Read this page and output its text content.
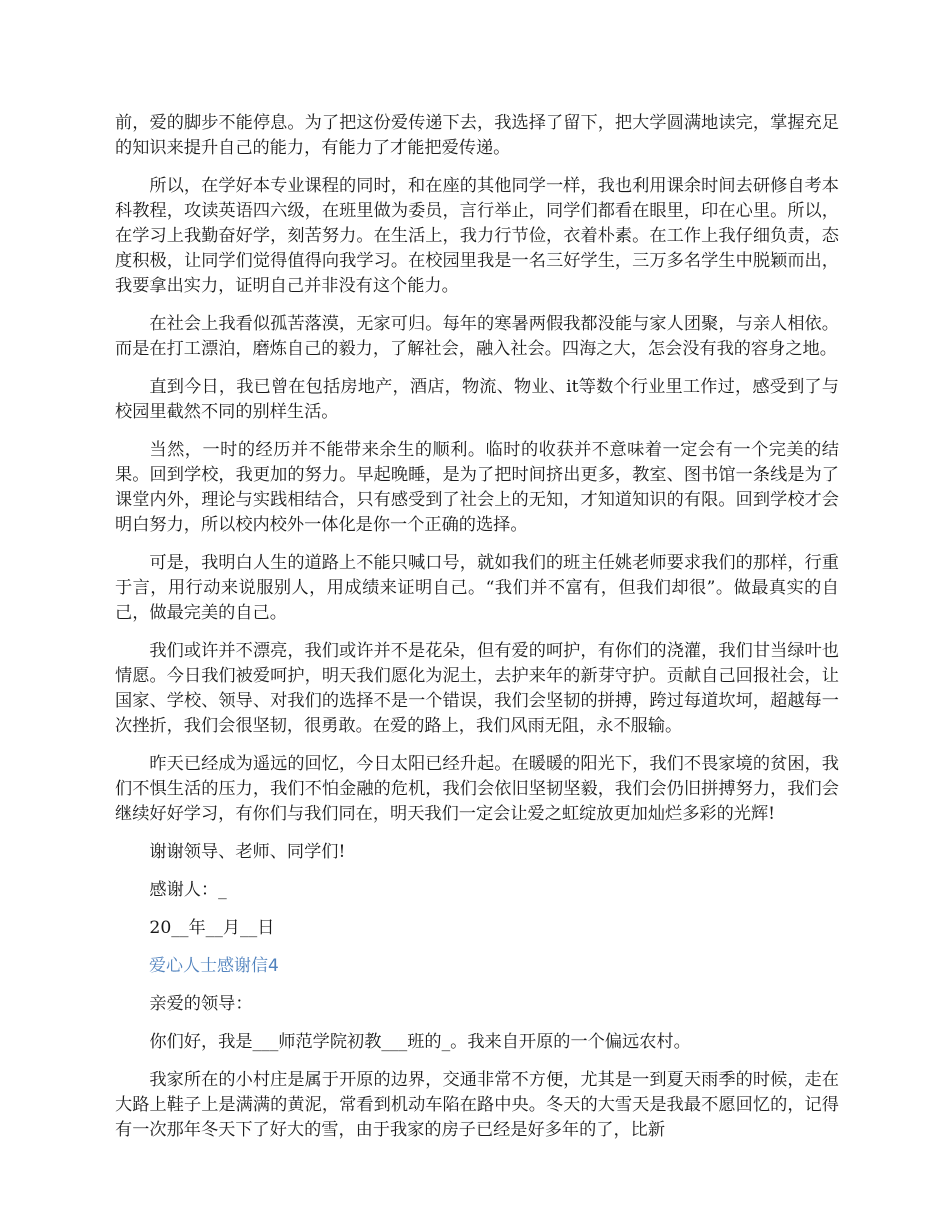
前，爱的脚步不能停息。为了把这份爱传递下去，我选择了留下，把大学圆满地读完，掌握充足的知识来提升自己的能力，有能力了才能把爱传递。

所以，在学好本专业课程的同时，和在座的其他同学一样，我也利用课余时间去研修自考本科教程，攻读英语四六级，在班里做为委员，言行举止，同学们都看在眼里，印在心里。所以，在学习上我勤奋好学，刻苦努力。在生活上，我力行节俭，衣着朴素。在工作上我仔细负责，态度积极，让同学们觉得值得向我学习。在校园里我是一名三好学生，三万多名学生中脱颖而出，我要拿出实力，证明自己并非没有这个能力。

在社会上我看似孤苦落漠，无家可归。每年的寒暑两假我都没能与家人团聚，与亲人相依。而是在打工漂泊，磨炼自己的毅力，了解社会，融入社会。四海之大，怎会没有我的容身之地。

直到今日，我已曾在包括房地产，酒店，物流、物业、it等数个行业里工作过，感受到了与校园里截然不同的别样生活。

当然，一时的经历并不能带来余生的顺利。临时的收获并不意味着一定会有一个完美的结果。回到学校，我更加的努力。早起晚睡，是为了把时间挤出更多，教室、图书馆一条线是为了课堂内外，理论与实践相结合，只有感受到了社会上的无知，才知道知识的有限。回到学校才会明白努力，所以校内校外一体化是你一个正确的选择。

可是，我明白人生的道路上不能只喊口号，就如我们的班主任姚老师要求我们的那样，行重于言，用行动来说服别人，用成绩来证明自己。“我们并不富有，但我们却很”。做最真实的自己，做最完美的自己。

我们或许并不漂亮，我们或许并不是花朵，但有爱的呵护，有你们的浇灌，我们甘当绿叶也情愿。今日我们被爱呵护，明天我们愿化为泥土，去护来年的新芽守护。贡献自己回报社会，让国家、学校、领导、对我们的选择不是一个错误，我们会坚韧的拼搏，跨过每道坎坷，超越每一次挫折，我们会很坚韧，很勇敢。在爱的路上，我们风雨无阻，永不服输。

昨天已经成为遥远的回忆，今日太阳已经升起。在暖暖的阳光下，我们不畏家境的贫困，我们不惧生活的压力，我们不怕金融的危机，我们会依旧坚韧坚毅，我们会仍旧拼搏努力，我们会继续好好学习，有你们与我们同在，明天我们一定会让爱之虹绽放更加灿烂多彩的光辉!

谢谢领导、老师、同学们!

感谢人：_

20__年__月__日

爱心人士感谢信4

亲爱的领导：

你们好，我是___师范学院初教___班的_。我来自开原的一个偏远农村。

我家所在的小村庄是属于开原的边界，交通非常不方便，尤其是一到夏天雨季的时候，走在大路上鞋子上是满满的黄泥，常看到机动车陷在路中央。冬天的大雪天是我最不愿回忆的，记得有一次那年冬天下了好大的雪，由于我家的房子已经是好多年的了，比新
